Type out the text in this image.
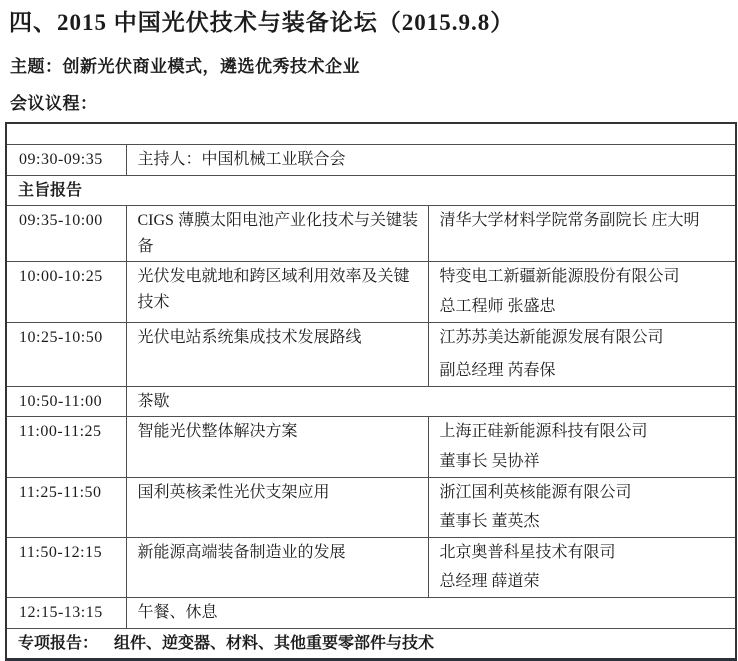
四、2015 中国光伏技术与装备论坛（2015.9.8）
主题：创新光伏商业模式，遴选优秀技术企业
会议议程：

09:30-09:35	主持人：中国机械工业联合会	
主旨报告		
09:35-10:00	CIGS 薄膜太阳电池产业化技术与关键装备	清华大学材料学院常务副院长 庄大明

10:00-10:25	光伏发电就地和跨区域利用效率及关键技术	特变电工新疆新能源股份有限公司
总工程师 张盛忠

10:25-10:50	光伏电站系统集成技术发展路线	江苏苏美达新能源发展有限公司
副总经理 芮春保

10:50-11:00	茶歇	
11:00-11:25	智能光伏整体解决方案	上海正硅新能源科技有限公司
董事长 吴协祥

11:25-11:50	国利英核柔性光伏支架应用	浙江国利英核能源有限公司
董事长 董英杰

11:50-12:15	新能源高端装备制造业的发展	北京奥普科星技术有限司
总经理 薛道荣

12:15-13:15	午餐、休息	
专项报告： 组件、逆变器、材料、其他重要零部件与技术		
